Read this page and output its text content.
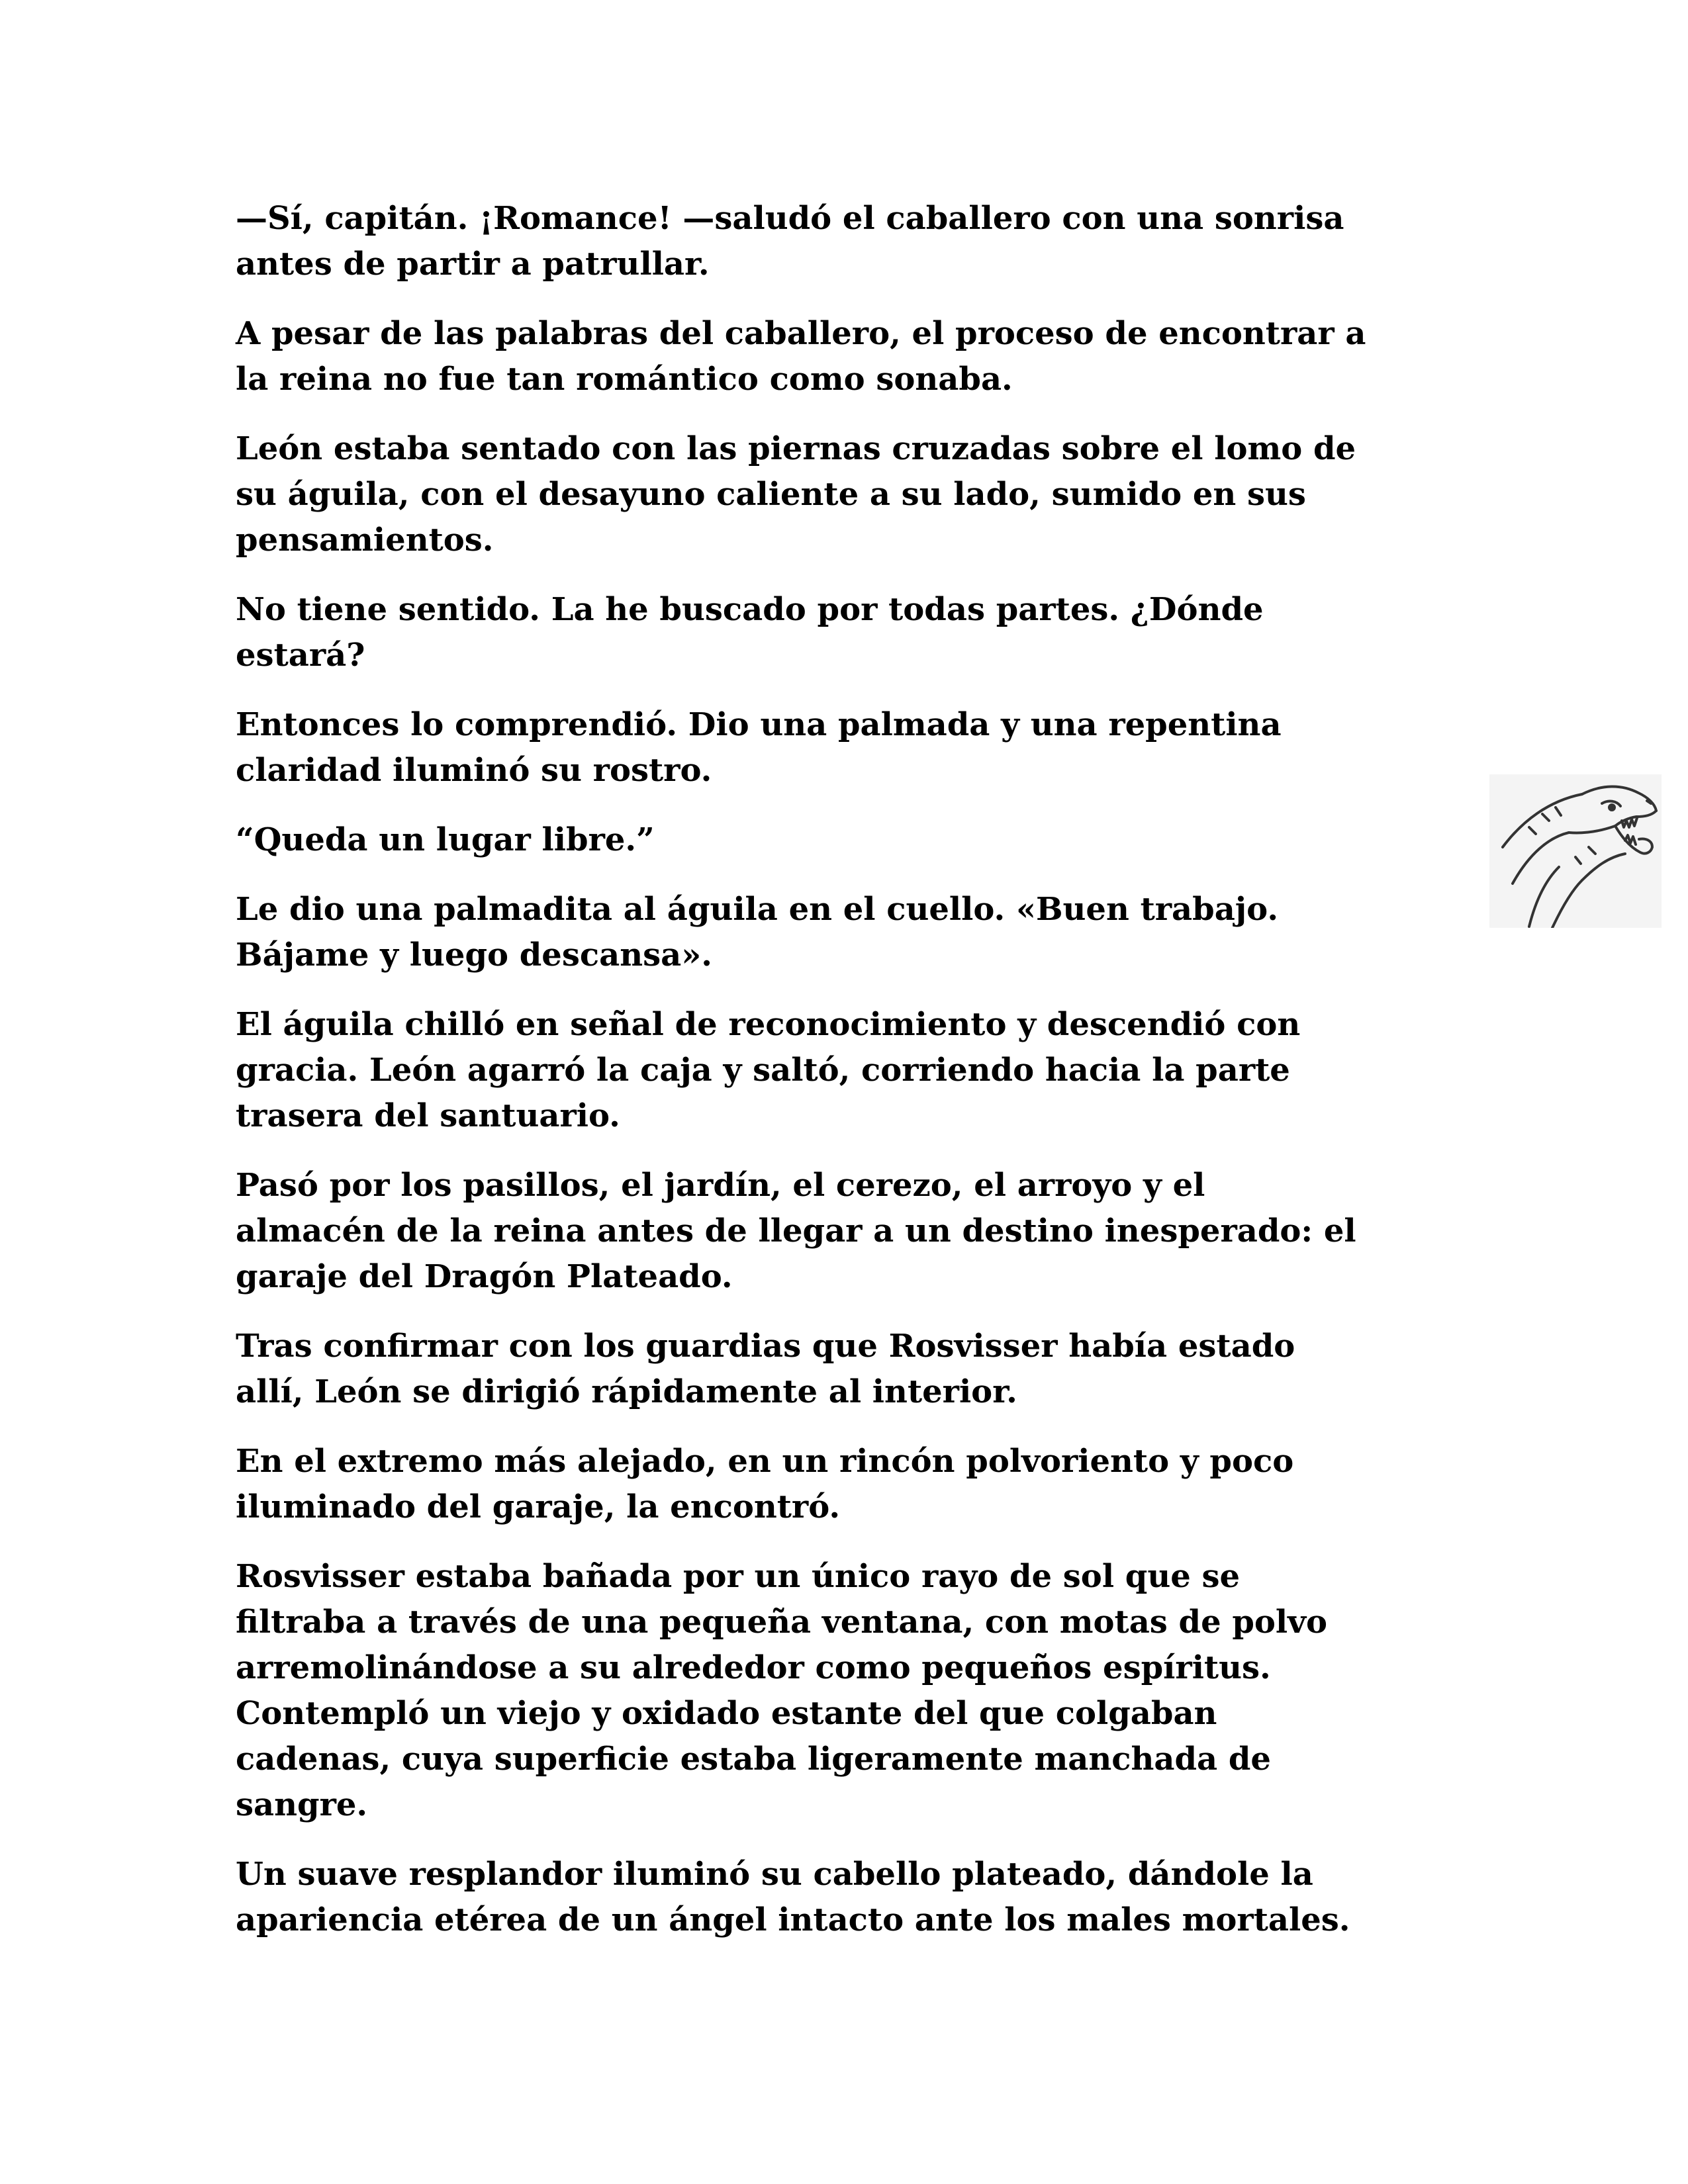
—Sí, capitán. ¡Romance! —saludó el caballero con una sonrisa
antes de partir a patrullar.

A pesar de las palabras del caballero, el proceso de encontrar a
la reina no fue tan romántico como sonaba.

León estaba sentado con las piernas cruzadas sobre el lomo de
su águila, con el desayuno caliente a su lado, sumido en sus
pensamientos.

No tiene sentido. La he buscado por todas partes. ¿Dónde
estará?

Entonces lo comprendió. Dio una palmada y una repentina
claridad iluminó su rostro.

“Queda un lugar libre.”

Le dio una palmadita al águila en el cuello. «Buen trabajo.
Bájame y luego descansa».

El águila chilló en señal de reconocimiento y descendió con
gracia. León agarró la caja y saltó, corriendo hacia la parte
trasera del santuario.

Pasó por los pasillos, el jardín, el cerezo, el arroyo y el
almacén de la reina antes de llegar a un destino inesperado: el
garaje del Dragón Plateado.

Tras confirmar con los guardias que Rosvisser había estado
allí, León se dirigió rápidamente al interior.

En el extremo más alejado, en un rincón polvoriento y poco
iluminado del garaje, la encontró.

Rosvisser estaba bañada por un único rayo de sol que se
filtraba a través de una pequeña ventana, con motas de polvo
arremolinándose a su alrededor como pequeños espíritus.
Contempló un viejo y oxidado estante del que colgaban
cadenas, cuya superficie estaba ligeramente manchada de
sangre.

Un suave resplandor iluminó su cabello plateado, dándole la
apariencia etérea de un ángel intacto ante los males mortales.
